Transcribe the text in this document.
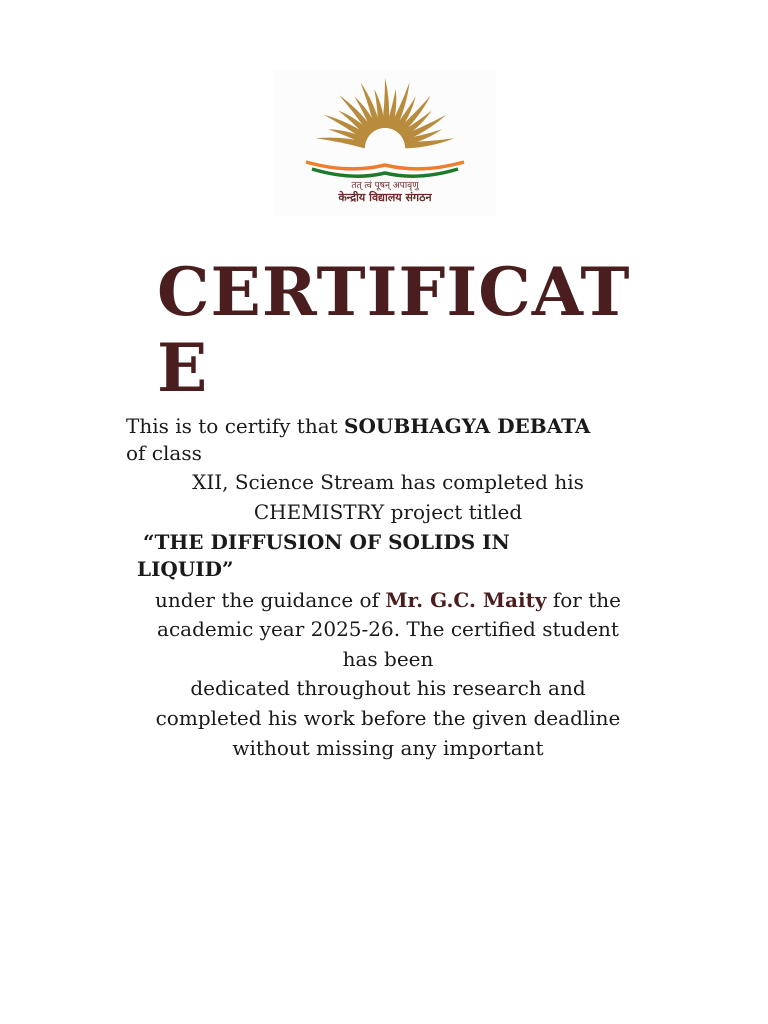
तत् त्वं पूषन् अपावृणु
केन्द्रीय विद्यालय संगठन
CERTIFICATE

This is to certify that SOUBHAGYA DEBATA

of class

XII, Science Stream has completed his

CHEMISTRY project titled

“THE DIFFUSION OF SOLIDS IN

LIQUID”

under the guidance of Mr. G.C. Maity for the

academic year 2025-26. The certified student

has been

dedicated throughout his research and

completed his work before the given deadline

without missing any important
